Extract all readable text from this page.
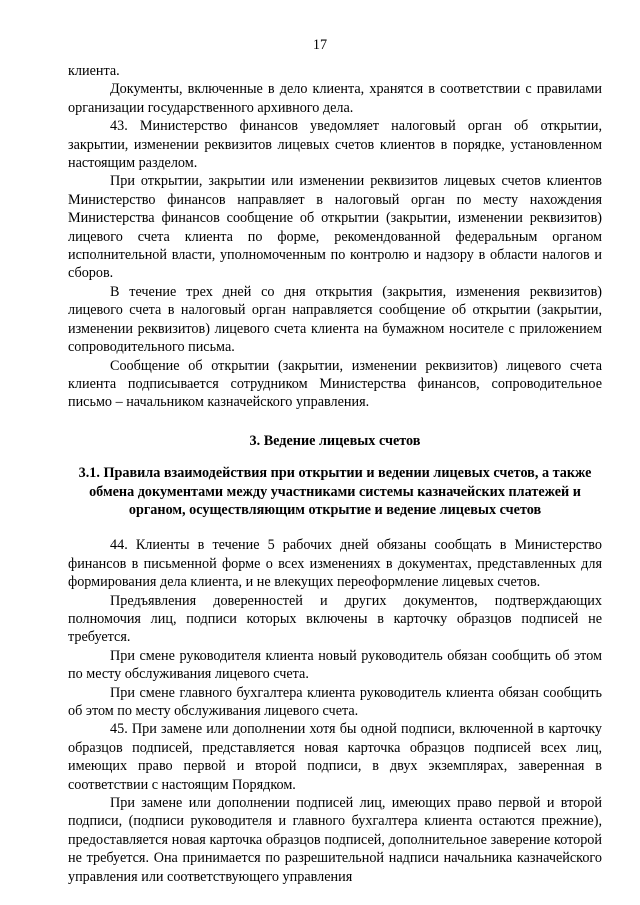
17

клиента.

Документы, включенные в дело клиента, хранятся в соответствии с правилами организации государственного архивного дела.

43. Министерство финансов уведомляет налоговый орган об открытии, закрытии, изменении реквизитов лицевых счетов клиентов в порядке, установленном настоящим разделом.

При открытии, закрытии или изменении реквизитов лицевых счетов клиентов Министерство финансов направляет в налоговый орган по месту нахождения Министерства финансов сообщение об открытии (закрытии, изменении реквизитов) лицевого счета клиента по форме, рекомендованной федеральным органом исполнительной власти, уполномоченным по контролю и надзору в области налогов и сборов.

В течение трех дней со дня открытия (закрытия, изменения реквизитов) лицевого счета в налоговый орган направляется сообщение об открытии (закрытии, изменении реквизитов) лицевого счета клиента на бумажном носителе с приложением сопроводительного письма.

Сообщение об открытии (закрытии, изменении реквизитов) лицевого счета клиента подписывается сотрудником Министерства финансов, сопроводительное письмо – начальником казначейского управления.

3. Ведение лицевых счетов

3.1. Правила взаимодействия при открытии и ведении лицевых счетов, а также обмена документами между участниками системы казначейских платежей и органом, осуществляющим открытие и ведение лицевых счетов

44. Клиенты в течение 5 рабочих дней обязаны сообщать в Министерство финансов в письменной форме о всех изменениях в документах, представленных для формирования дела клиента, и не влекущих переоформление лицевых счетов.

Предъявления доверенностей и других документов, подтверждающих полномочия лиц, подписи которых включены в карточку образцов подписей не требуется.

При смене руководителя клиента новый руководитель обязан сообщить об этом по месту обслуживания лицевого счета.

При смене главного бухгалтера клиента руководитель клиента обязан сообщить об этом по месту обслуживания лицевого счета.

45. При замене или дополнении хотя бы одной подписи, включенной в карточку образцов подписей, представляется новая карточка образцов подписей всех лиц, имеющих право первой и второй подписи, в двух экземплярах, заверенная в соответствии с настоящим Порядком.

При замене или дополнении подписей лиц, имеющих право первой и второй подписи, (подписи руководителя и главного бухгалтера клиента остаются прежние), предоставляется новая карточка образцов подписей, дополнительное заверение которой не требуется. Она принимается по разрешительной надписи начальника казначейского управления или соответствующего управления
